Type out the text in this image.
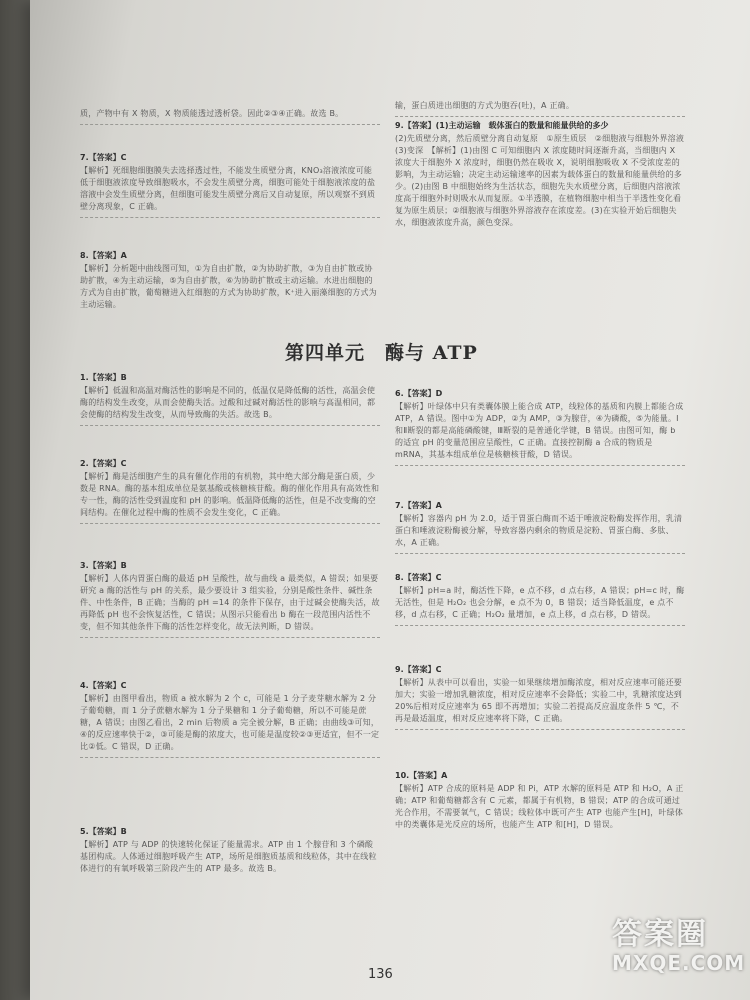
质，产物中有 X 物质，X 物质能透过透析袋。因此②③④正确。故选 B。
7.【答案】C
【解析】死细胞细胞膜失去选择透过性，不能发生质壁分离，KNO₃溶液浓度可能低于细胞液浓度导致细胞吸水，不会发生质壁分离，细胞可能处于细胞液浓度的盐溶液中会发生质壁分离，但细胞可能发生质壁分离后又自动复原，所以观察不到质壁分离现象，C 正确。
8.【答案】A
【解析】分析题中曲线图可知，①为自由扩散，②为协助扩散，③为自由扩散或协助扩散，④为主动运输，⑤为自由扩散，⑥为协助扩散或主动运输。水进出细胞的方式为自由扩散，葡萄糖进入红细胞的方式为协助扩散，K⁺进入丽藻细胞的方式为主动运输。
1.【答案】B
【解析】低温和高温对酶活性的影响是不同的，低温仅是降低酶的活性，高温会使酶的结构发生改变，从而会使酶失活。过酸和过碱对酶活性的影响与高温相同，都会使酶的结构发生改变，从而导致酶的失活。故选 B。
2.【答案】C
【解析】酶是活细胞产生的具有催化作用的有机物，其中绝大部分酶是蛋白质，少数是 RNA。酶的基本组成单位是氨基酸或核糖核苷酸。酶的催化作用具有高效性和专一性，酶的活性受到温度和 pH 的影响。低温降低酶的活性，但是不改变酶的空间结构。在催化过程中酶的性质不会发生变化，C 正确。
3.【答案】B
【解析】人体内胃蛋白酶的最适 pH 呈酸性，故与曲线 a 最类似，A 错误；如果要研究 a 酶的活性与 pH 的关系，最少要设计 3 组实验，分别是酸性条件、碱性条件、中性条件，B 正确；当酶的 pH =14 的条件下保存，由于过碱会使酶失活，故再降低 pH 也不会恢复活性，C 错误；从图示只能看出 b 酶在一段范围内活性不变，但不知其他条件下酶的活性怎样变化，故无法判断，D 错误。
4.【答案】C
【解析】由图甲看出，物质 a 被水解为 2 个 c，可能是 1 分子麦芽糖水解为 2 分子葡萄糖，而 1 分子蔗糖水解为 1 分子果糖和 1 分子葡萄糖，所以不可能是蔗糖，A 错误；由图乙看出，2 min 后物质 a 完全被分解，B 正确；由曲线③可知，④的反应速率快于②，③可能是酶的浓度大，也可能是温度较②③更适宜，但不一定比②低。C 错误，D 正确。
5.【答案】B
【解析】ATP 与 ADP 的快速转化保证了能量需求。ATP 由 1 个腺苷和 3 个磷酸基团构成。人体通过细胞呼吸产生 ATP，场所是细胞质基质和线粒体，其中在线粒体进行的有氧呼吸第三阶段产生的 ATP 最多。故选 B。
输，蛋白质进出细胞的方式为胞吞(吐)，A 正确。
9.【答案】(1)主动运输　载体蛋白的数量和能量供给的多少
(2)先质壁分离，然后质壁分离自动复原　①原生质层　②细胞液与细胞外界溶液 (3)变深　【解析】(1)由图 C 可知细胞内 X 浓度随时间逐渐升高，当细胞内 X 浓度大于细胞外 X 浓度时，细胞仍然在吸收 X，说明细胞吸收 X 不受浓度差的影响，为主动运输；决定主动运输速率的因素为载体蛋白的数量和能量供给的多少。(2)由图 B 中细胞始终为生活状态，细胞先失水质壁分离，后细胞内溶液浓度高于细胞外时则吸水从而复原。①半透膜，在植物细胞中相当于半透性变化看复为原生质层；②细胞液与细胞外界溶液存在浓度差。(3)在实验开始后细胞失水，细胞液浓度升高，颜色变深。
6.【答案】D
【解析】叶绿体中只有类囊体膜上能合成 ATP，线粒体的基质和内膜上都能合成 ATP，A 错误。图中①为 ADP，②为 AMP，③为腺苷，④为磷酸，⑤为能量。Ⅰ和Ⅱ断裂的都是高能磷酸键，Ⅲ断裂的是普通化学键，B 错误。由图可知，酶 b 的适宜 pH 的变量范围应呈酸性，C 正确。直接控制酶 a 合成的物质是 mRNA，其基本组成单位是核糖核苷酸，D 错误。
7.【答案】A
【解析】容器内 pH 为 2.0，适于胃蛋白酶而不适于唾液淀粉酶发挥作用，乳清蛋白和唾液淀粉酶被分解，导致容器内剩余的物质是淀粉、胃蛋白酶、多肽、水，A 正确。
8.【答案】C
【解析】pH=a 时，酶活性下降，e 点不移，d 点右移，A 错误；pH=c 时，酶无活性，但是 H₂O₂ 也会分解，e 点不为 0，B 错误；适当降低温度，e 点不移，d 点右移，C 正确；H₂O₂ 量增加，e 点上移，d 点右移，D 错误。
9.【答案】C
【解析】从表中可以看出，实验一如果继续增加酶浓度，相对反应速率可能还要加大；实验一增加乳糖浓度，相对反应速率不会降低；实验二中，乳糖浓度达到 20%后相对反应速率为 65 即不再增加；实验二若提高反应温度条件 5 ℃，不再是最适温度，相对反应速率将下降，C 正确。
10.【答案】A
【解析】ATP 合成的原料是 ADP 和 Pi，ATP 水解的原料是 ATP 和 H₂O，A 正确；ATP 和葡萄糖都含有 C 元素，都属于有机物，B 错误；ATP 的合成可通过光合作用，不需要氧气，C 错误；线粒体中既可产生 ATP 也能产生[H]，叶绿体中的类囊体是光反应的场所，也能产生 ATP 和[H]，D 错误。
第四单元　酶与 ATP
136
答案圈
MXQE.COM
